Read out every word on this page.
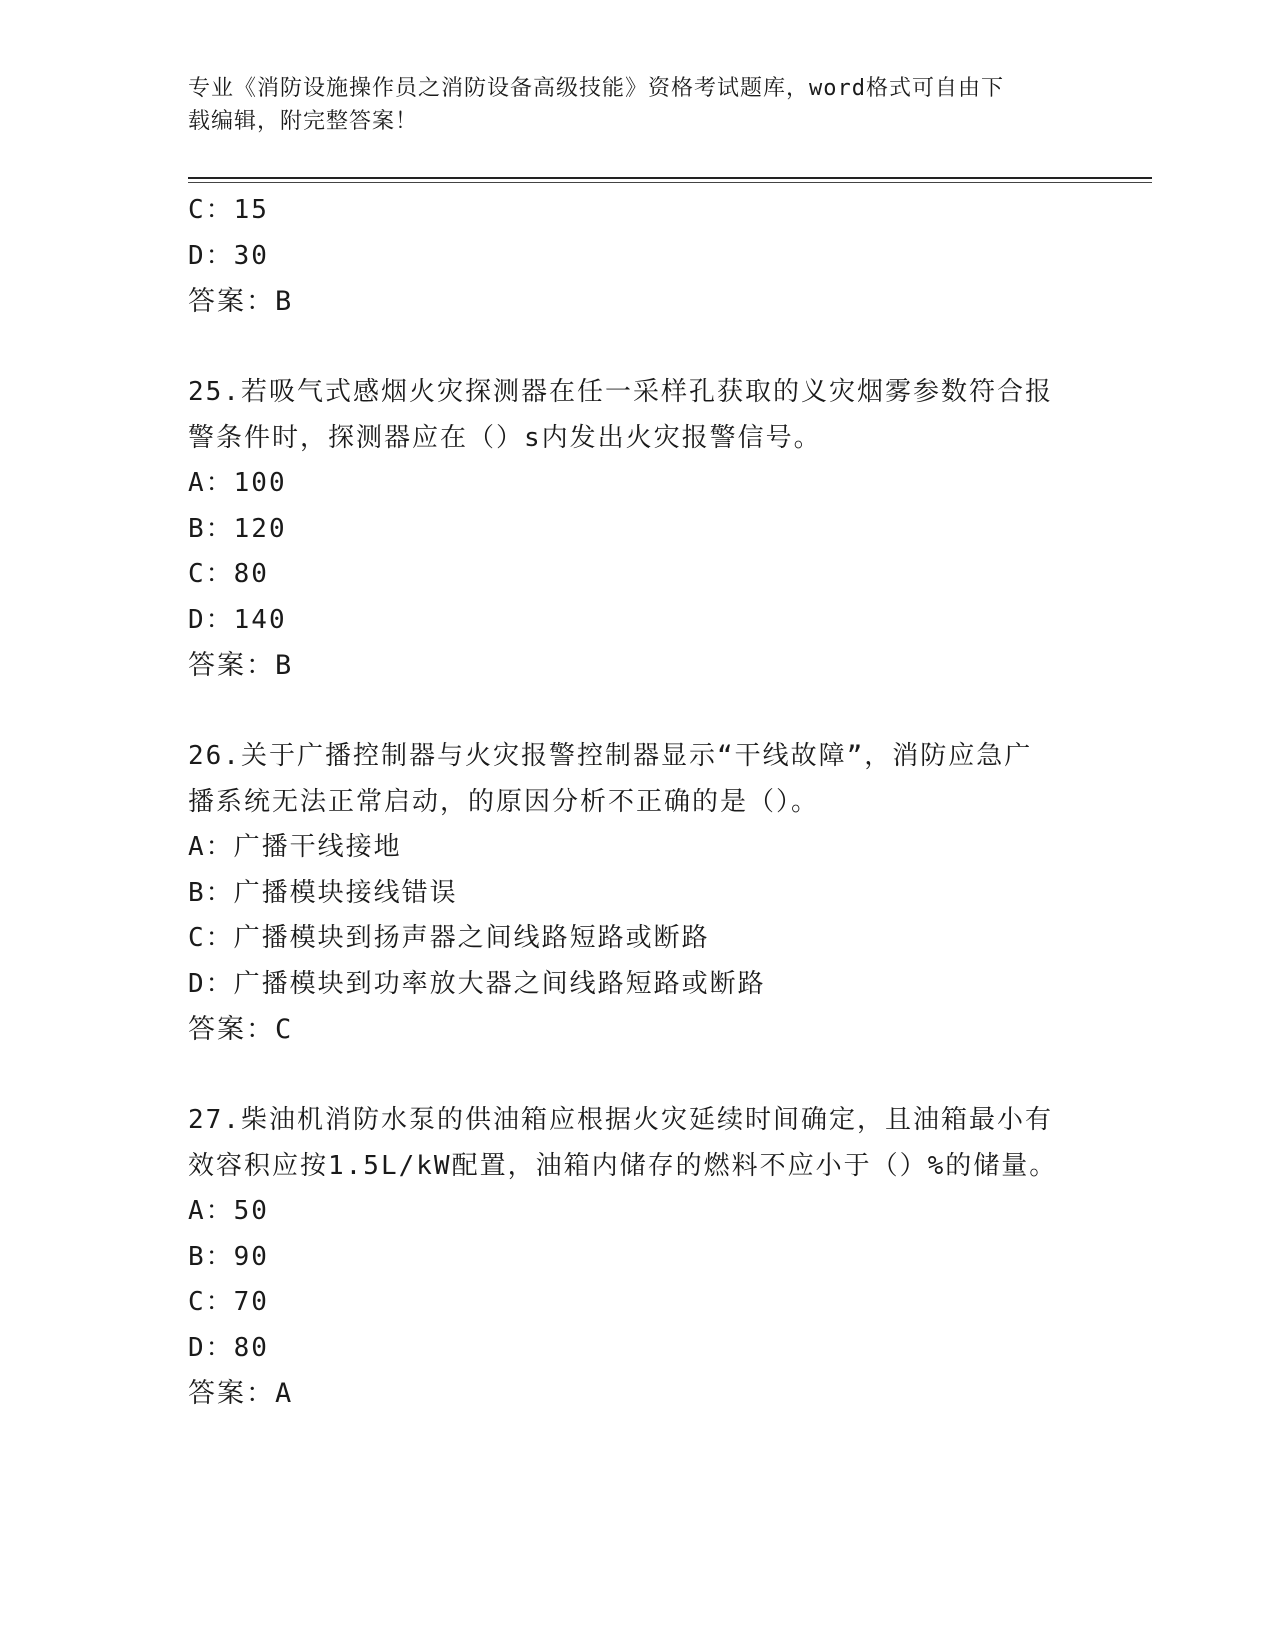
专业《消防设施操作员之消防设备高级技能》资格考试题库，word格式可自由下
载编辑，附完整答案！
C：15
D：30
答案：B
25.若吸气式感烟火灾探测器在任一采样孔获取的义灾烟雾参数符合报
警条件时，探测器应在（）s内发出火灾报警信号。
A：100
B：120
C：80
D：140
答案：B
26.关于广播控制器与火灾报警控制器显示“干线故障”，消防应急广
播系统无法正常启动，的原因分析不正确的是（）。
A：广播干线接地
B：广播模块接线错误
C：广播模块到扬声器之间线路短路或断路
D：广播模块到功率放大器之间线路短路或断路
答案：C
27.柴油机消防水泵的供油箱应根据火灾延续时间确定，且油箱最小有
效容积应按1.5L/kW配置，油箱内储存的燃料不应小于（）%的储量。
A：50
B：90
C：70
D：80
答案：A
